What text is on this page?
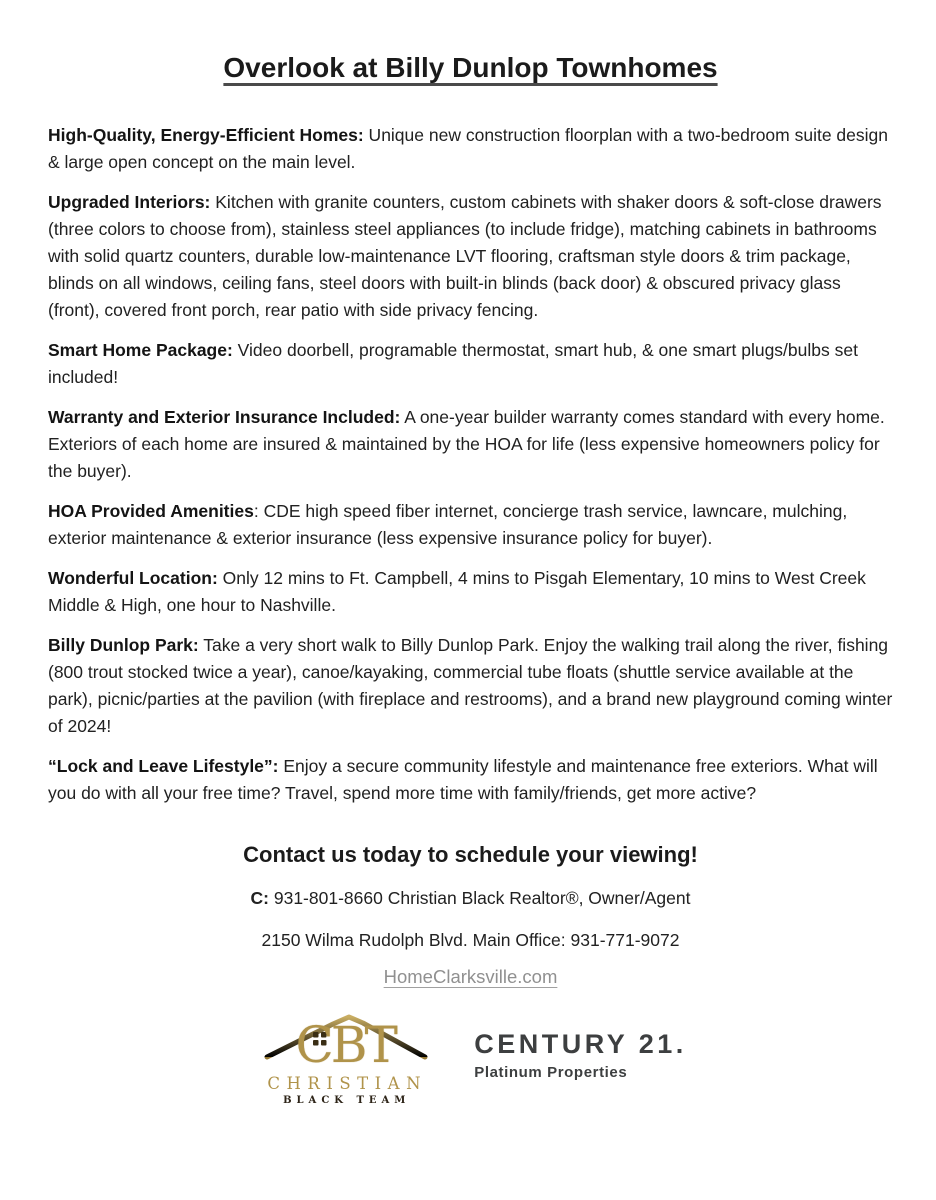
Overlook at Billy Dunlop Townhomes

High-Quality, Energy-Efficient Homes: Unique new construction floorplan with a two-bedroom suite design & large open concept on the main level.

Upgraded Interiors: Kitchen with granite counters, custom cabinets with shaker doors & soft-close drawers (three colors to choose from), stainless steel appliances (to include fridge), matching cabinets in bathrooms with solid quartz counters, durable low-maintenance LVT flooring, craftsman style doors & trim package, blinds on all windows, ceiling fans, steel doors with built-in blinds (back door) & obscured privacy glass (front), covered front porch, rear patio with side privacy fencing.

Smart Home Package: Video doorbell, programable thermostat, smart hub, & one smart plugs/bulbs set included!

Warranty and Exterior Insurance Included: A one-year builder warranty comes standard with every home. Exteriors of each home are insured & maintained by the HOA for life (less expensive homeowners policy for the buyer).

HOA Provided Amenities: CDE high speed fiber internet, concierge trash service, lawncare, mulching, exterior maintenance & exterior insurance (less expensive insurance policy for buyer).

Wonderful Location: Only 12 mins to Ft. Campbell, 4 mins to Pisgah Elementary, 10 mins to West Creek Middle & High, one hour to Nashville.

Billy Dunlop Park: Take a very short walk to Billy Dunlop Park. Enjoy the walking trail along the river, fishing (800 trout stocked twice a year), canoe/kayaking, commercial tube floats (shuttle service available at the park), picnic/parties at the pavilion (with fireplace and restrooms), and a brand new playground coming winter of 2024!

“Lock and Leave Lifestyle”: Enjoy a secure community lifestyle and maintenance free exteriors. What will you do with all your free time? Travel, spend more time with family/friends, get more active?

Contact us today to schedule your viewing!

C: 931-801-8660 Christian Black Realtor®, Owner/Agent

2150 Wilma Rudolph Blvd. Main Office: 931-771-9072

HomeClarksville.com

CBT
CHRISTIAN
BLACK TEAM
CENTURY 21.
Platinum Properties
